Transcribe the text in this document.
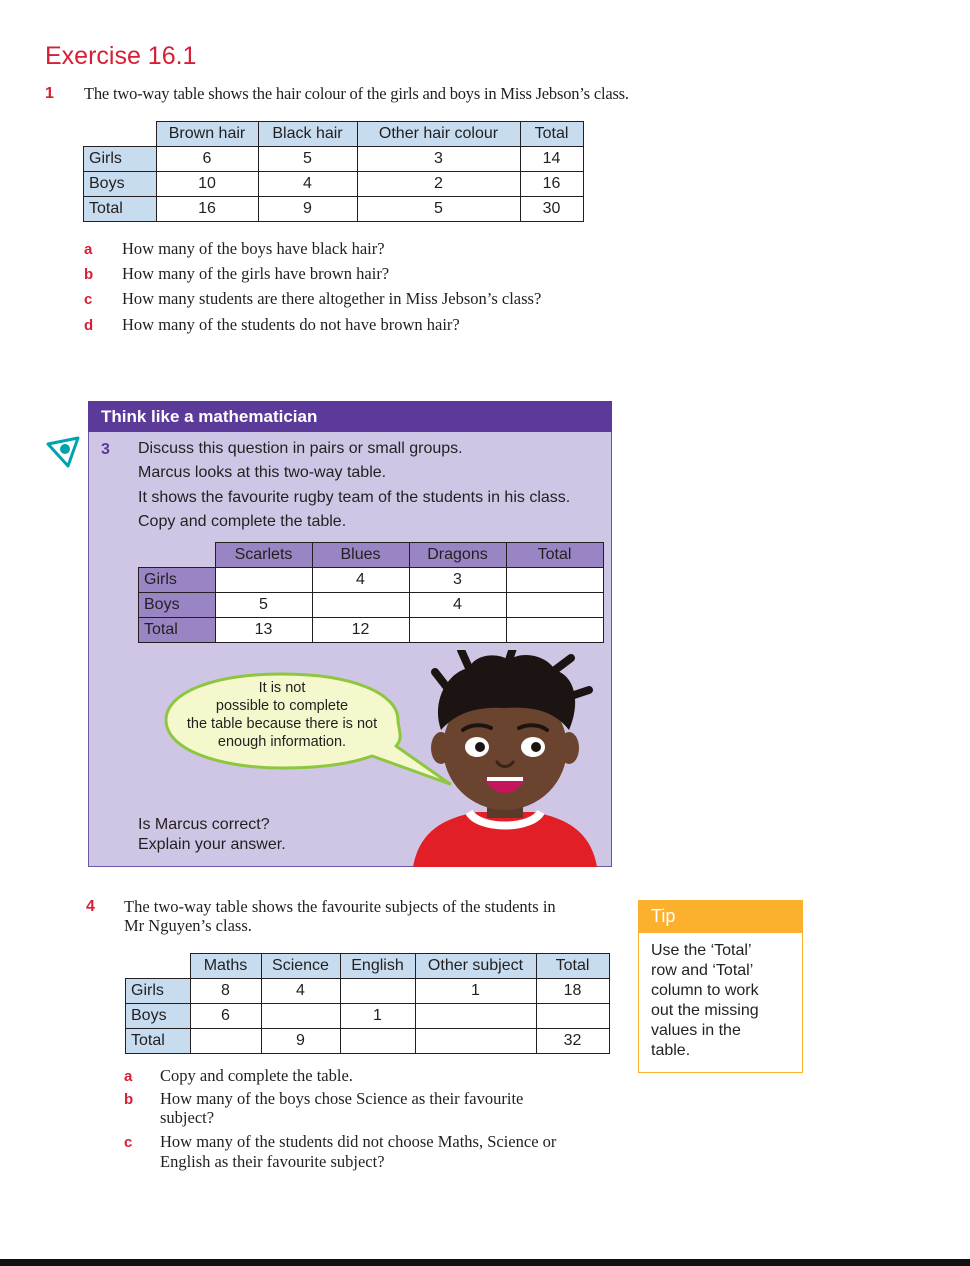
Exercise 16.1
1 The two-way table shows the hair colour of the girls and boys in Miss Jebson’s class.
	Brown hair	Black hair	Other hair colour	Total
Girls	6	5	3	14
Boys	10	4	2	16
Total	16	9	5	30
a How many of the boys have black hair?
b How many of the girls have brown hair?
c How many students are there altogether in Miss Jebson’s class?
d How many of the students do not have brown hair?
Think like a mathematician
3 Discuss this question in pairs or small groups.
Marcus looks at this two-way table.
It shows the favourite rugby team of the students in his class.
Copy and complete the table.
	Scarlets	Blues	Dragons	Total
Girls		4	3	
Boys	5		4	
Total	13	12		
It is not
possible to complete
the table because there is not
enough information.
Is Marcus correct?
Explain your answer.
4 The two-way table shows the favourite subjects of the students in
Mr Nguyen’s class.
	Maths	Science	English	Other subject	Total
Girls	8	4		1	18
Boys	6		1		
Total		9			32
a Copy and complete the table.
b How many of the boys chose Science as their favourite
subject?
c How many of the students did not choose Maths, Science or
English as their favourite subject?
Tip
Use the ‘Total’
row and ‘Total’
column to work
out the missing
values in the
table.
